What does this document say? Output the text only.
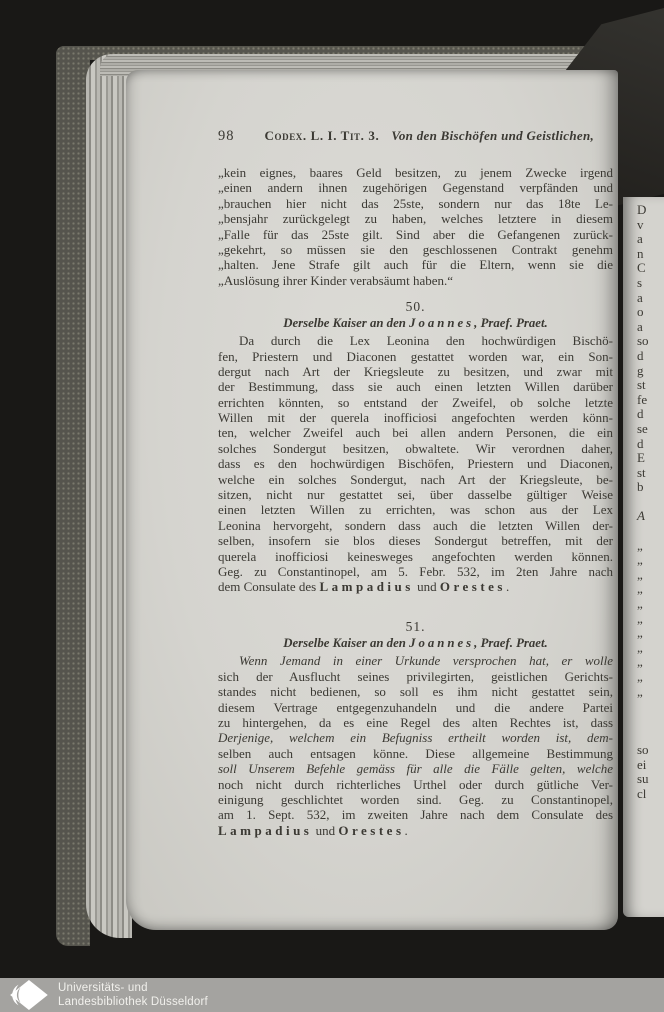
98 Codex. L. I. Tit. 3. Von den Bischöfen und Geistlichen,
„kein eignes, baares Geld besitzen, zu jenem Zwecke irgend
„einen andern ihnen zugehörigen Gegenstand verpfänden und
„brauchen hier nicht das 25ste, sondern nur das 18te Le-
„bensjahr zurückgelegt zu haben, welches letztere in diesem
„Falle für das 25ste gilt. Sind aber die Gefangenen zurück-
„gekehrt, so müssen sie den geschlossenen Contrakt genehm
„halten. Jene Strafe gilt auch für die Eltern, wenn sie die
„Auslösung ihrer Kinder verabsäumt haben.“
50.
Derselbe Kaiser an den Joannes, Praef. Praet.
Da durch die Lex Leonina den hochwürdigen Bischö-
fen, Priestern und Diaconen gestattet worden war, ein Son-
dergut nach Art der Kriegsleute zu besitzen, und zwar mit
der Bestimmung, dass sie auch einen letzten Willen darüber
errichten könnten, so entstand der Zweifel, ob solche letzte
Willen mit der querela inofficiosi angefochten werden könn-
ten, welcher Zweifel auch bei allen andern Personen, die ein
solches Sondergut besitzen, obwaltete. Wir verordnen daher,
dass es den hochwürdigen Bischöfen, Priestern und Diaconen,
welche ein solches Sondergut, nach Art der Kriegsleute, be-
sitzen, nicht nur gestattet sei, über dasselbe gültiger Weise
einen letzten Willen zu errichten, was schon aus der Lex
Leonina hervorgeht, sondern dass auch die letzten Willen der-
selben, insofern sie blos dieses Sondergut betreffen, mit der
querela inofficiosi keinesweges angefochten werden können.
Geg. zu Constantinopel, am 5. Febr. 532, im 2ten Jahre nach
dem Consulate des Lampadius und Orestes.
51.
Derselbe Kaiser an den Joannes, Praef. Praet.
Wenn Jemand in einer Urkunde versprochen hat, er wolle
sich der Ausflucht seines privilegirten, geistlichen Gerichts-
standes nicht bedienen, so soll es ihm nicht gestattet sein,
diesem Vertrage entgegenzuhandeln und die andere Partei
zu hintergehen, da es eine Regel des alten Rechtes ist, dass
Derjenige, welchem ein Befugniss ertheilt worden ist, dem-
selben auch entsagen könne. Diese allgemeine Bestimmung
soll Unserem Befehle gemäss für alle die Fälle gelten, welche
noch nicht durch richterliches Urthel oder durch gütliche Ver-
einigung geschlichtet worden sind. Geg. zu Constantinopel,
am 1. Sept. 532, im zweiten Jahre nach dem Consulate des
Lampadius und Orestes.
D
v
a
n
C
s
a
o
a
so
d
g
st
fe
d
se
d
E
st
b
A
„
„
„
„
„
„
„
„
„
„
„
so
ei
su
cl
Universitäts- und
Landesbibliothek Düsseldorf
